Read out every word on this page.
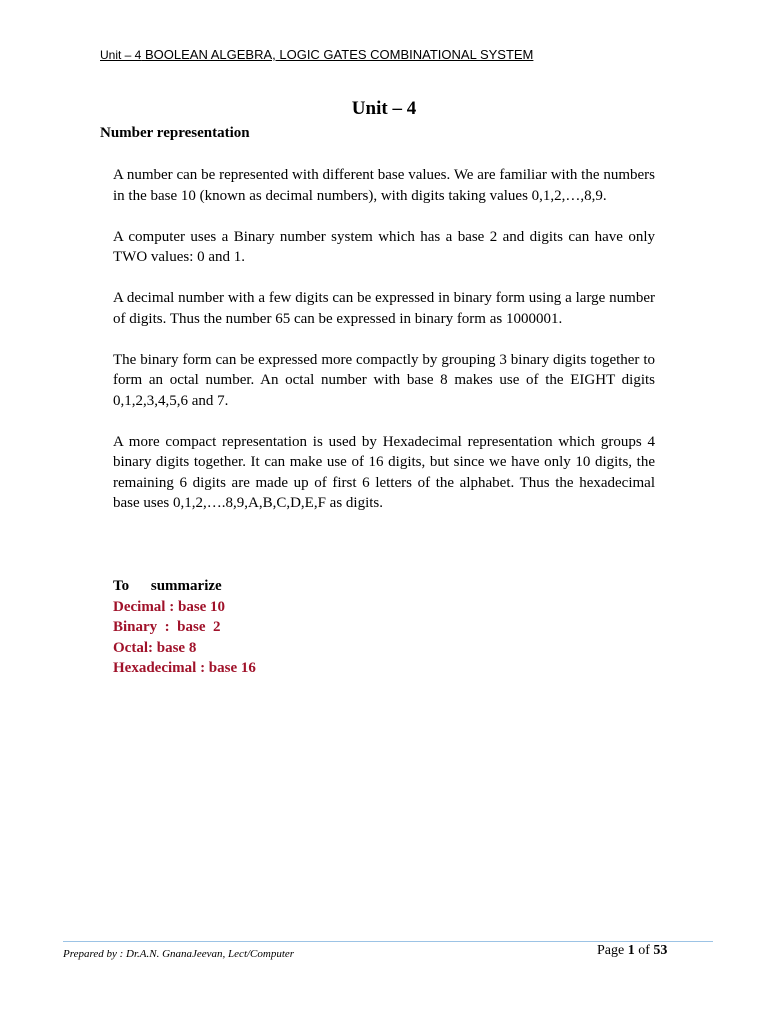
Unit – 4 BOOLEAN ALGEBRA, LOGIC GATES COMBINATIONAL SYSTEM
Unit – 4
Number representation

A number can be represented with different base values. We are familiar with the numbers in the base 10 (known as decimal numbers), with digits taking values 0,1,2,…,8,9.

A computer uses a Binary number system which has a base 2 and digits can have only TWO values: 0 and 1.

A decimal number with a few digits can be expressed in binary form using a large number of digits. Thus the number 65 can be expressed in binary form as 1000001.

The binary form can be expressed more compactly by grouping 3 binary digits together to form an octal number. An octal number with base 8 makes use of the EIGHT digits 0,1,2,3,4,5,6 and 7.

A more compact representation is used by Hexadecimal representation which groups 4 binary digits together. It can make use of 16 digits, but since we have only 10 digits, the remaining 6 digits are made up of first 6 letters of the alphabet. Thus the hexadecimal base uses 0,1,2,….8,9,A,B,C,D,E,F as digits.

To summarize
Decimal : base 10
Binary  :  base  2
Octal: base 8
Hexadecimal : base 16
Prepared by : Dr.A.N. GnanaJeevan, Lect/Computer	Page 1 of 53
